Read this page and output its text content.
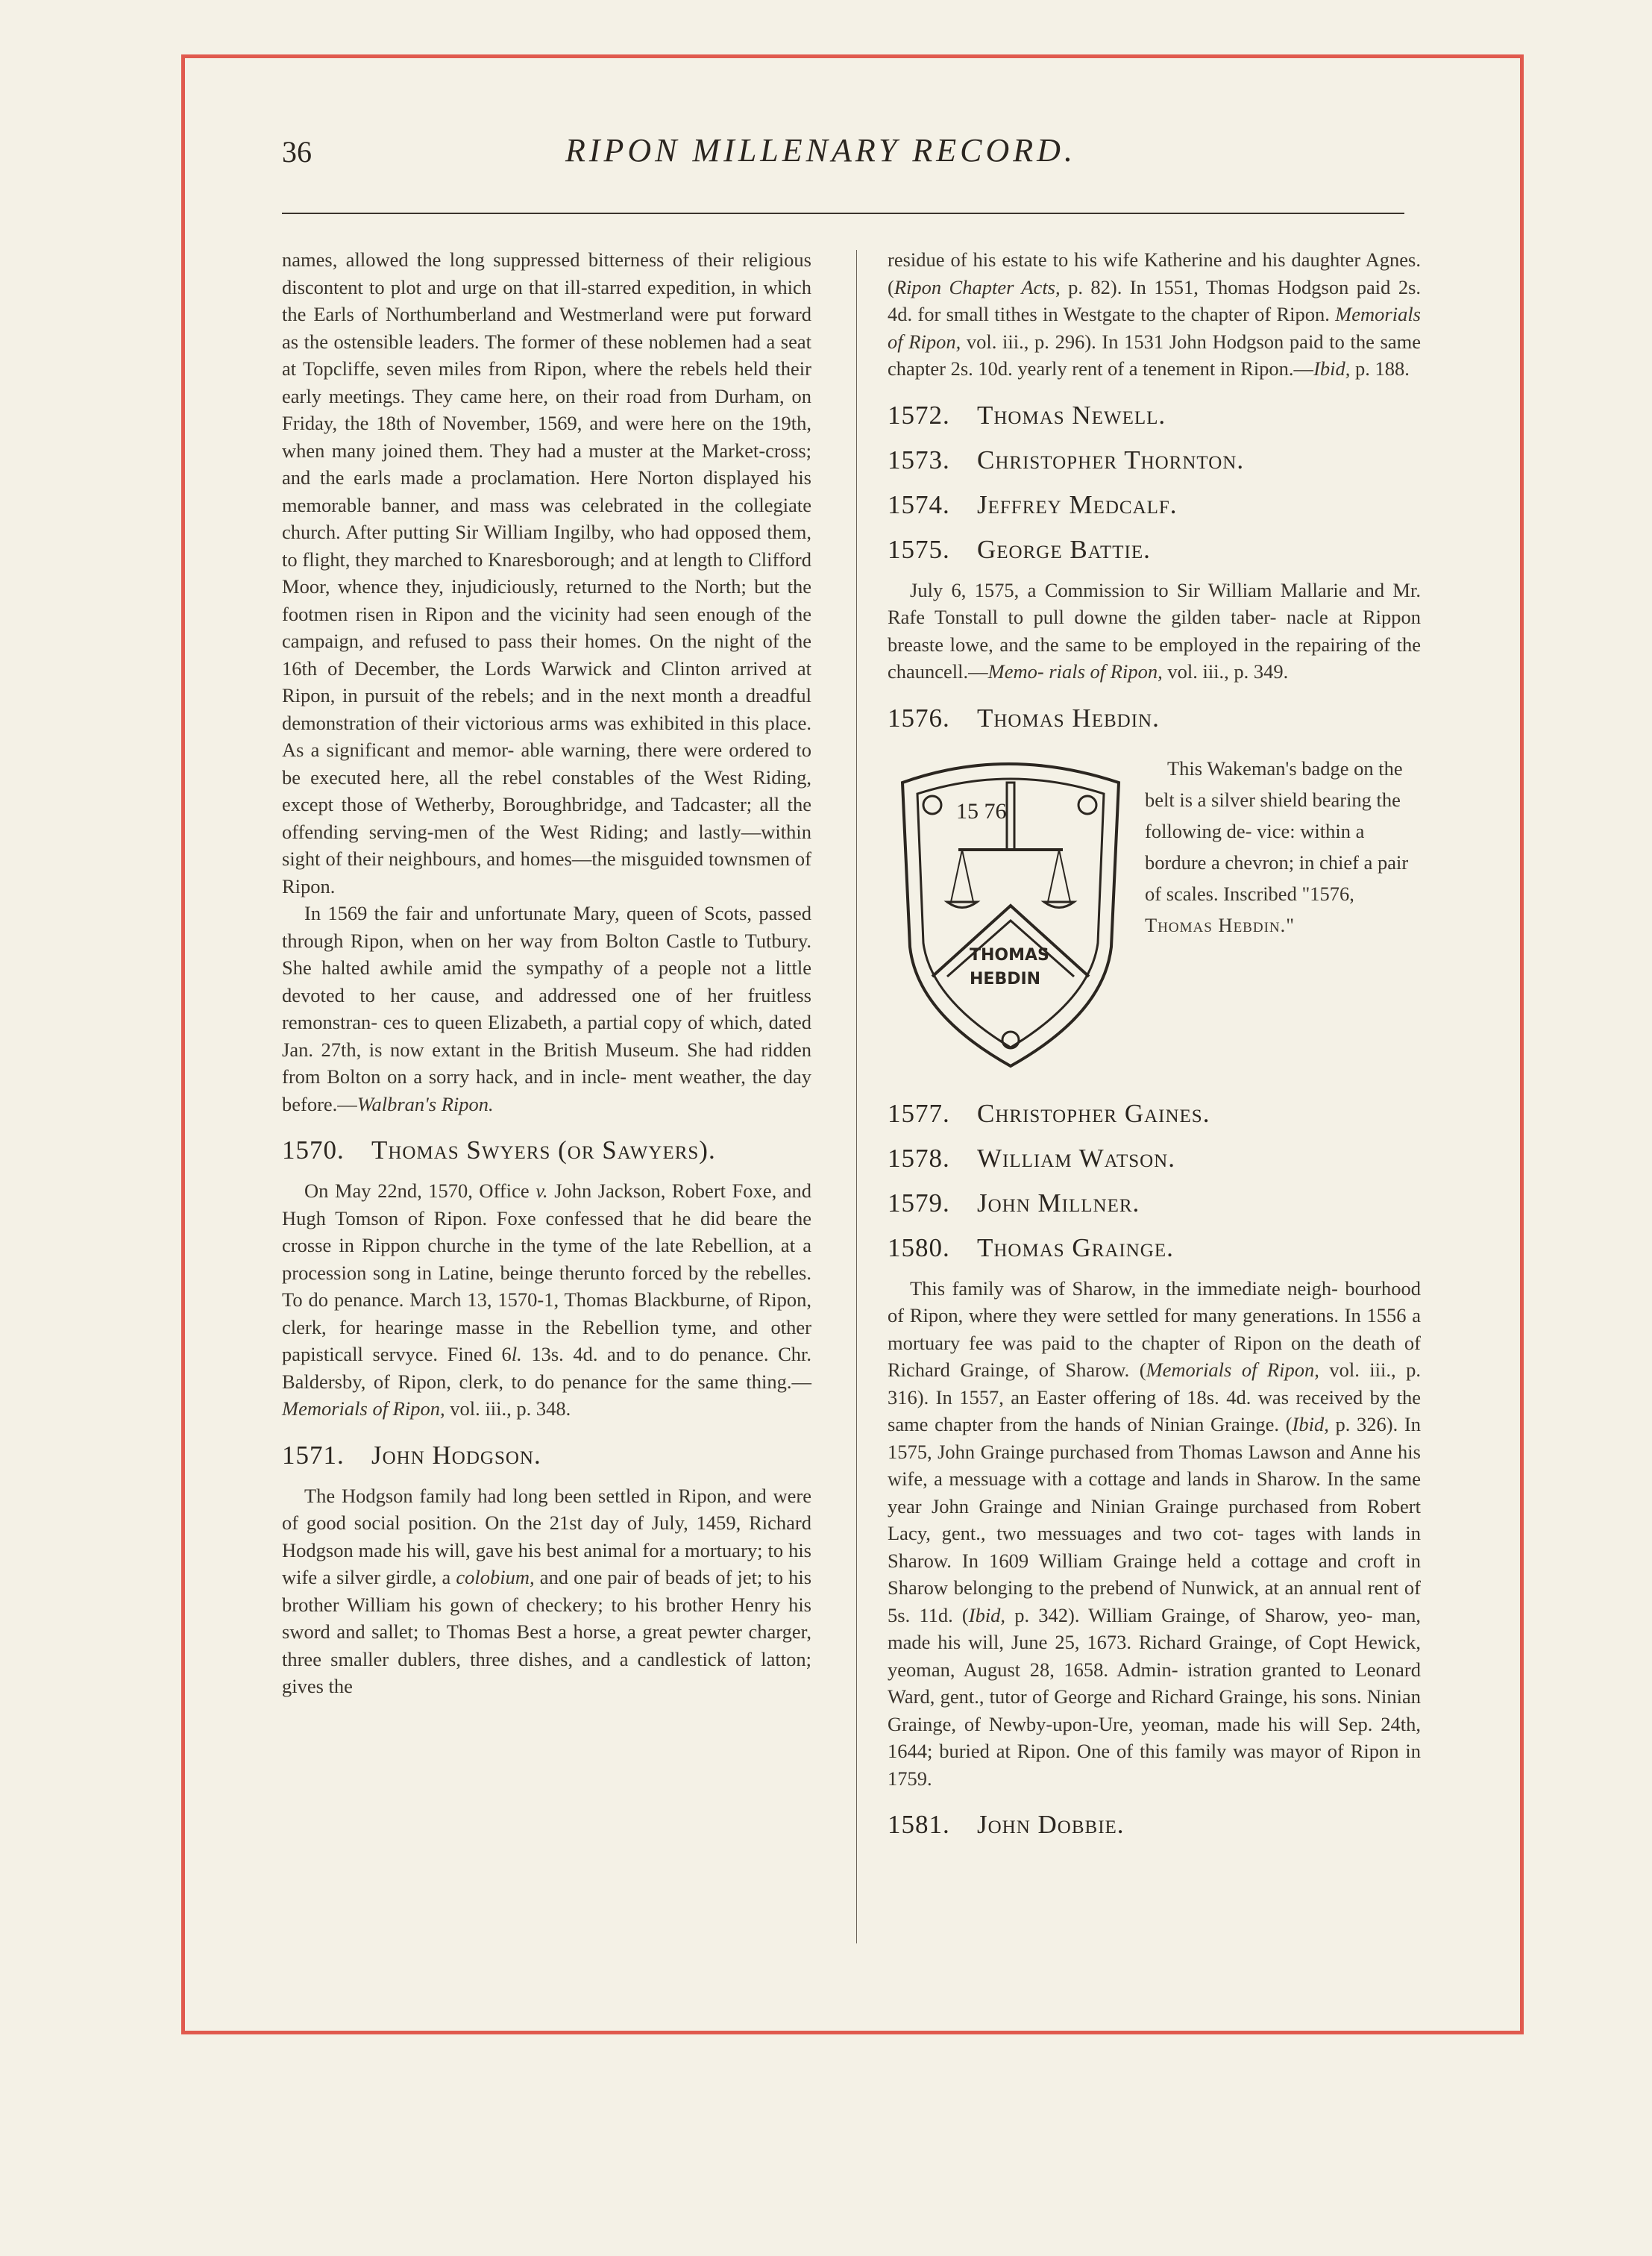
36	RIPON MILLENARY RECORD.

names, allowed the long suppressed bitterness of their religious discontent to plot and urge on that ill-starred expedition, in which the Earls of Northumberland and Westmerland were put forward as the ostensible leaders. The former of these noblemen had a seat at Topcliffe, seven miles from Ripon, where the rebels held their early meetings. They came here, on their road from Durham, on Friday, the 18th of November, 1569, and were here on the 19th, when many joined them. They had a muster at the Market-cross; and the earls made a proclamation. Here Norton displayed his memorable banner, and mass was celebrated in the collegiate church. After putting Sir William Ingilby, who had opposed them, to flight, they marched to Knaresborough; and at length to Clifford Moor, whence they, injudiciously, returned to the North; but the footmen risen in Ripon and the vicinity had seen enough of the campaign, and refused to pass their homes. On the night of the 16th of December, the Lords Warwick and Clinton arrived at Ripon, in pursuit of the rebels; and in the next month a dreadful demonstration of their victorious arms was exhibited in this place. As a significant and memor- able warning, there were ordered to be executed here, all the rebel constables of the West Riding, except those of Wetherby, Boroughbridge, and Tadcaster; all the offending serving-men of the West Riding; and lastly—within sight of their neighbours, and homes—the misguided townsmen of Ripon.

In 1569 the fair and unfortunate Mary, queen of Scots, passed through Ripon, when on her way from Bolton Castle to Tutbury. She halted awhile amid the sympathy of a people not a little devoted to her cause, and addressed one of her fruitless remonstran- ces to queen Elizabeth, a partial copy of which, dated Jan. 27th, is now extant in the British Museum. She had ridden from Bolton on a sorry hack, and in incle- ment weather, the day before.—Walbran's Ripon.

1570. Thomas Swyers (or Sawyers).

On May 22nd, 1570, Office v. John Jackson, Robert Foxe, and Hugh Tomson of Ripon. Foxe confessed that he did beare the crosse in Rippon churche in the tyme of the late Rebellion, at a procession song in Latine, beinge therunto forced by the rebelles. To do penance. March 13, 1570-1, Thomas Blackburne, of Ripon, clerk, for hearinge masse in the Rebellion tyme, and other papisticall servyce. Fined 6l. 13s. 4d. and to do penance. Chr. Baldersby, of Ripon, clerk, to do penance for the same thing.—Memorials of Ripon, vol. iii., p. 348.

1571. John Hodgson.

The Hodgson family had long been settled in Ripon, and were of good social position. On the 21st day of July, 1459, Richard Hodgson made his will, gave his best animal for a mortuary; to his wife a silver girdle, a colobium, and one pair of beads of jet; to his brother William his gown of checkery; to his brother Henry his sword and sallet; to Thomas Best a horse, a great pewter charger, three smaller dublers, three dishes, and a candlestick of latton; gives the

residue of his estate to his wife Katherine and his daughter Agnes. (Ripon Chapter Acts, p. 82). In 1551, Thomas Hodgson paid 2s. 4d. for small tithes in Westgate to the chapter of Ripon. Memorials of Ripon, vol. iii., p. 296). In 1531 John Hodgson paid to the same chapter 2s. 10d. yearly rent of a tenement in Ripon.—Ibid, p. 188.

1572. Thomas Newell.
1573. Christopher Thornton.
1574. Jeffrey Medcalf.
1575. George Battie.

July 6, 1575, a Commission to Sir William Mallarie and Mr. Rafe Tonstall to pull downe the gilden taber- nacle at Rippon breaste lowe, and the same to be employed in the repairing of the chauncell.—Memo- rials of Ripon, vol. iii., p. 349.

1576. Thomas Hebdin.
15 76
THOMAS
HEBDIN

This Wakeman's badge on the belt is a silver shield bearing the following de- vice: within a bordure a chevron; in chief a pair of scales. Inscribed "1576, Thomas Hebdin."

1577. Christopher Gaines.
1578. William Watson.
1579. John Millner.
1580. Thomas Grainge.

This family was of Sharow, in the immediate neigh- bourhood of Ripon, where they were settled for many generations. In 1556 a mortuary fee was paid to the chapter of Ripon on the death of Richard Grainge, of Sharow. (Memorials of Ripon, vol. iii., p. 316). In 1557, an Easter offering of 18s. 4d. was received by the same chapter from the hands of Ninian Grainge. (Ibid, p. 326). In 1575, John Grainge purchased from Thomas Lawson and Anne his wife, a messuage with a cottage and lands in Sharow. In the same year John Grainge and Ninian Grainge purchased from Robert Lacy, gent., two messuages and two cot- tages with lands in Sharow. In 1609 William Grainge held a cottage and croft in Sharow belonging to the prebend of Nunwick, at an annual rent of 5s. 11d. (Ibid, p. 342). William Grainge, of Sharow, yeo- man, made his will, June 25, 1673. Richard Grainge, of Copt Hewick, yeoman, August 28, 1658. Admin- istration granted to Leonard Ward, gent., tutor of George and Richard Grainge, his sons. Ninian Grainge, of Newby-upon-Ure, yeoman, made his will Sep. 24th, 1644; buried at Ripon. One of this family was mayor of Ripon in 1759.

1581. John Dobbie.
